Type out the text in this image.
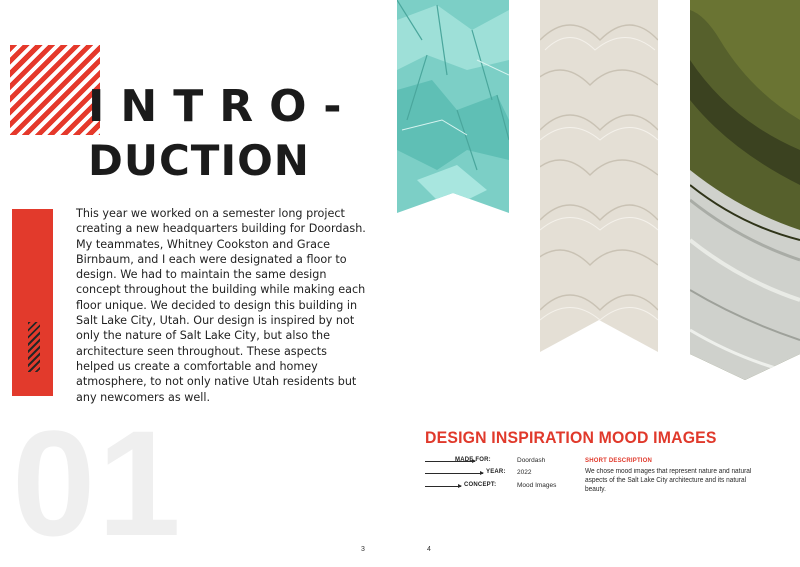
INTRO-
DUCTION
This year we worked on a semester long project creating a new headquarters building for Doordash. My teammates, Whitney Cookston and Grace Birnbaum, and I each were designated a floor to design. We had to maintain the same design concept throughout the building while making each floor unique. We decided to design this building in Salt Lake City, Utah. Our design is inspired by not only the nature of Salt Lake City, but also the architecture seen throughout. These aspects helped us create a comfortable and homey atmosphere, to not only native Utah residents but any newcomers as well.
01	3
DESIGN INSPIRATION MOOD IMAGES
MADE FOR:	Doordash
YEAR: 2022
CONCEPT:	Mood Images
SHORT DESCRIPTION
We chose mood images that represent nature and natural aspects of the Salt Lake City architecture and its natural beauty.
4
